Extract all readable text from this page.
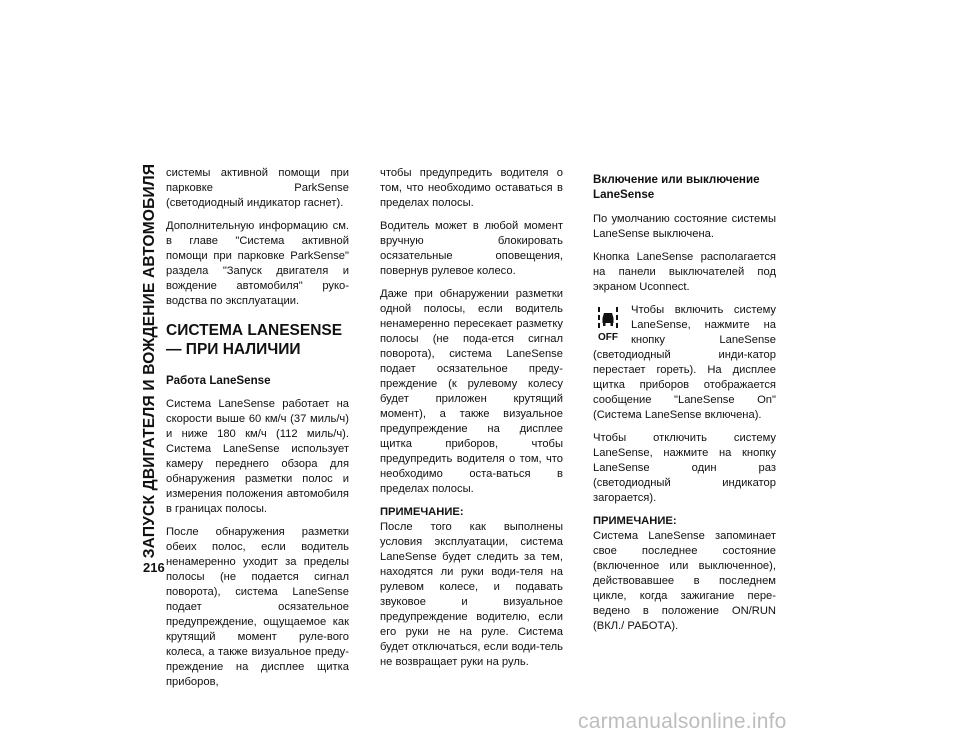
ЗАПУСК ДВИГАТЕЛЯ И ВОЖДЕНИЕ АВТОМОБИЛЯ
216

системы активной помощи при парковке ParkSense (светодиодный индикатор гаснет).

Дополнительную информацию см. в главе "Система активной помощи при парковке ParkSense" раздела "Запуск двигателя и вождение автомобиля" руко-водства по эксплуатации.

СИСТЕМА LANESENSE — ПРИ НАЛИЧИИ
Работа LaneSense

Система LaneSense работает на скорости выше 60 км/ч (37 миль/ч) и ниже 180 км/ч (112 миль/ч). Система LaneSense использует камеру переднего обзора для обнаружения разметки полос и измерения положения автомобиля в границах полосы.

После обнаружения разметки обеих полос, если водитель ненамеренно уходит за пределы полосы (не подается сигнал поворота), система LaneSense подает осязательное предупреждение, ощущаемое как крутящий момент руле-вого колеса, а также визуальное преду-преждение на дисплее щитка приборов,

чтобы предупредить водителя о том, что необходимо оставаться в пределах полосы.

Водитель может в любой момент вручную блокировать осязательные оповещения, повернув рулевое колесо.

Даже при обнаружении разметки одной полосы, если водитель ненамеренно пересекает разметку полосы (не пода-ется сигнал поворота), система LaneSense подает осязательное преду-преждение (к рулевому колесу будет приложен крутящий момент), а также визуальное предупреждение на дисплее щитка приборов, чтобы предупредить водителя о том, что необходимо оста-ваться в пределах полосы.

ПРИМЕЧАНИЕ:
После того как выполнены условия эксплуатации, система LaneSense будет следить за тем, находятся ли руки води-теля на рулевом колесе, и подавать звуковое и визуальное предупреждение водителю, если его руки не на руле. Система будет отключаться, если води-тель не возвращает руки на руль.

Включение или выключение LaneSense

По умолчанию состояние системы LaneSense выключена.

Кнопка LaneSense располагается на панели выключателей под экраном Uconnect.

OFF

Чтобы включить систему LaneSense, нажмите на кнопку LaneSense (светодиодный инди-катор перестает гореть). На дисплее щитка приборов отображается сообщение "LaneSense On" (Система LaneSense включена).

Чтобы отключить систему LaneSense, нажмите на кнопку LaneSense один раз (светодиодный индикатор загорается).

ПРИМЕЧАНИЕ:
Система LaneSense запоминает свое последнее состояние (включенное или выключенное), действовавшее в последнем цикле, когда зажигание пере-ведено в положение ON/RUN (ВКЛ./ РАБОТА).

carmanualsonline.info
